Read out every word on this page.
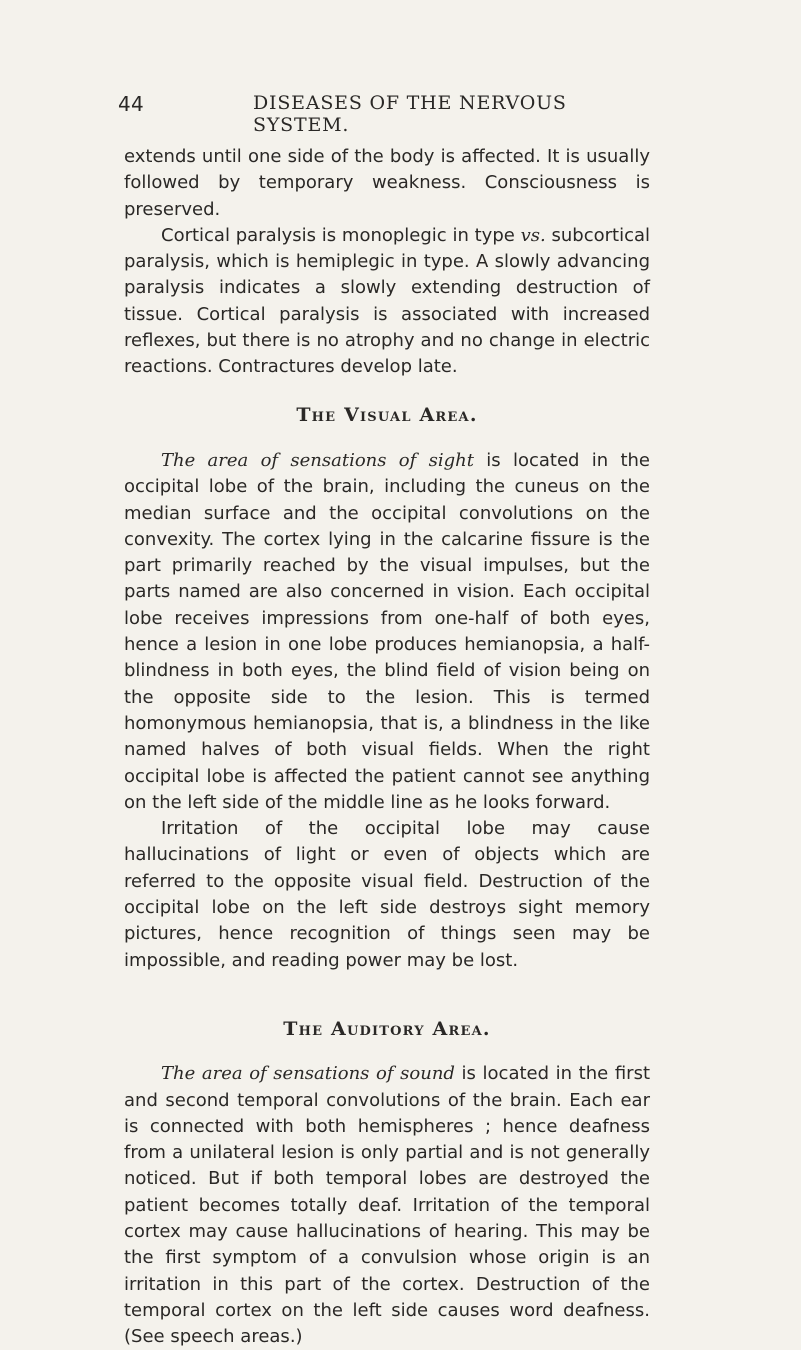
44	DISEASES OF THE NERVOUS SYSTEM.

extends until one side of the body is affected. It is usually followed by temporary weakness. Consciousness is preserved.

Cortical paralysis is monoplegic in type vs. subcortical paralysis, which is hemiplegic in type. A slowly advancing paralysis indicates a slowly extending destruction of tissue. Cortical paralysis is associated with increased reflexes, but there is no atrophy and no change in electric reactions. Contractures develop late.

The Visual Area.

The area of sensations of sight is located in the occipital lobe of the brain, including the cuneus on the median surface and the occipital convolutions on the convexity. The cortex lying in the calcarine fissure is the part primarily reached by the visual impulses, but the parts named are also concerned in vision. Each occipital lobe receives impressions from one-half of both eyes, hence a lesion in one lobe produces hemianopsia, a half-blindness in both eyes, the blind field of vision being on the opposite side to the lesion. This is termed homonymous hemianopsia, that is, a blindness in the like named halves of both visual fields. When the right occipital lobe is affected the patient cannot see anything on the left side of the middle line as he looks forward.

Irritation of the occipital lobe may cause hallucinations of light or even of objects which are referred to the opposite visual field. Destruction of the occipital lobe on the left side destroys sight memory pictures, hence recognition of things seen may be impossible, and reading power may be lost.

The Auditory Area.

The area of sensations of sound is located in the first and second temporal convolutions of the brain. Each ear is connected with both hemispheres ; hence deafness from a unilateral lesion is only partial and is not generally noticed. But if both temporal lobes are destroyed the patient becomes totally deaf. Irritation of the temporal cortex may cause hallucinations of hearing. This may be the first symptom of a convulsion whose origin is an irritation in this part of the cortex. Destruction of the temporal cortex on the left side causes word deafness. (See speech areas.)
